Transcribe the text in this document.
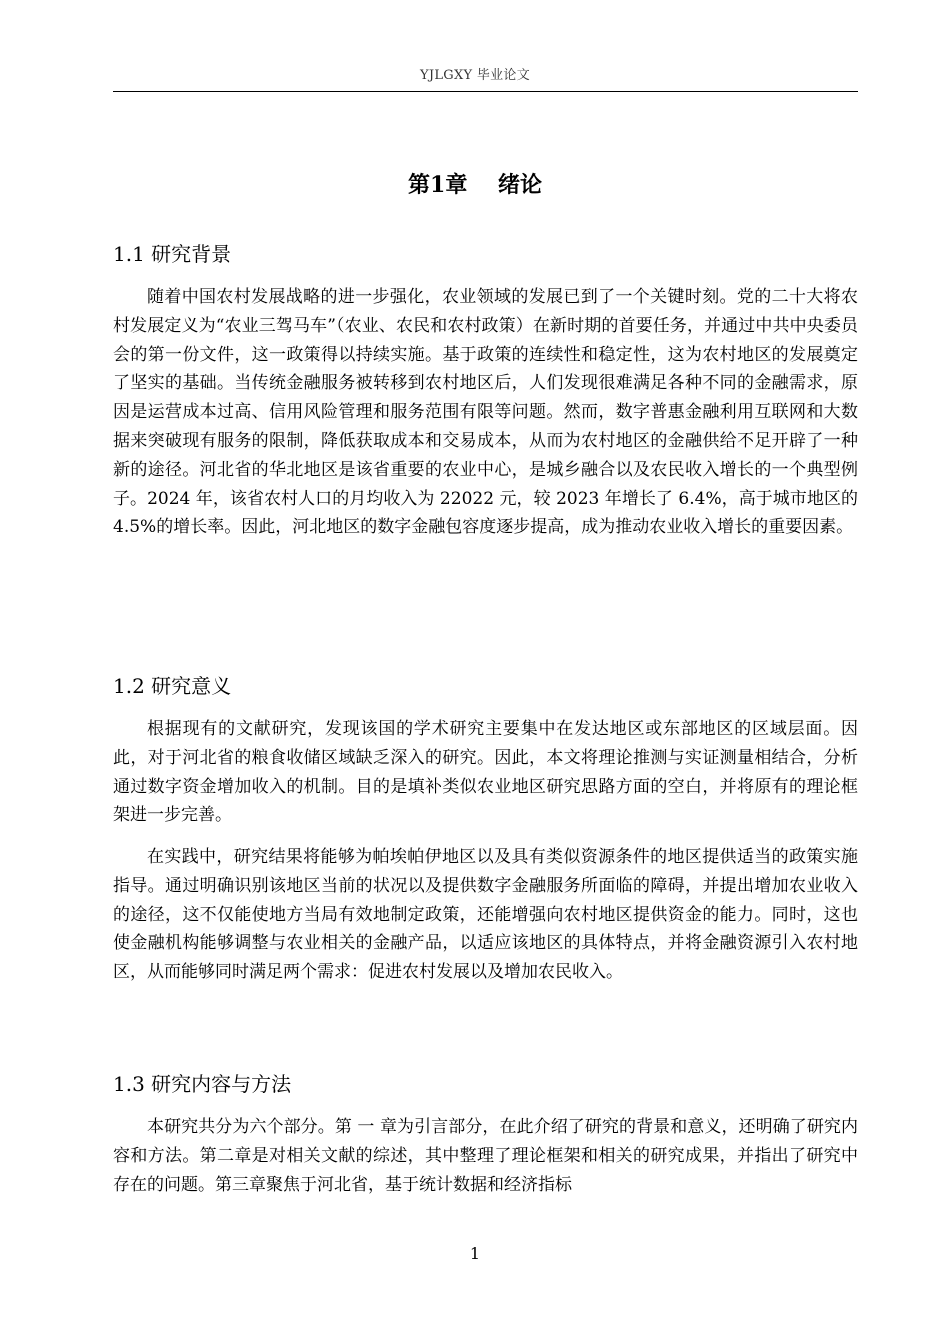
YJLGXY 毕业论文
第1章    绪论
1.1 研究背景

随着中国农村发展战略的进一步强化，农业领域的发展已到了一个关键时刻。党的二十大将农村发展定义为“农业三驾马车”（农业、农民和农村政策）在新时期的首要任务，并通过中共中央委员会的第一份文件，这一政策得以持续实施。基于政策的连续性和稳定性，这为农村地区的发展奠定了坚实的基础。当传统金融服务被转移到农村地区后，人们发现很难满足各种不同的金融需求，原因是运营成本过高、信用风险管理和服务范围有限等问题。然而，数字普惠金融利用互联网和大数据来突破现有服务的限制，降低获取成本和交易成本，从而为农村地区的金融供给不足开辟了一种新的途径。河北省的华北地区是该省重要的农业中心，是城乡融合以及农民收入增长的一个典型例子。2024 年，该省农村人口的月均收入为 22022 元，较 2023 年增长了 6.4%，高于城市地区的 4.5%的增长率。因此，河北地区的数字金融包容度逐步提高，成为推动农业收入增长的重要因素。

1.2 研究意义

根据现有的文献研究，发现该国的学术研究主要集中在发达地区或东部地区的区域层面。因此，对于河北省的粮食收储区域缺乏深入的研究。因此，本文将理论推测与实证测量相结合，分析通过数字资金增加收入的机制。目的是填补类似农业地区研究思路方面的空白，并将原有的理论框架进一步完善。

在实践中，研究结果将能够为帕埃帕伊地区以及具有类似资源条件的地区提供适当的政策实施指导。通过明确识别该地区当前的状况以及提供数字金融服务所面临的障碍，并提出增加农业收入的途径，这不仅能使地方当局有效地制定政策，还能增强向农村地区提供资金的能力。同时，这也使金融机构能够调整与农业相关的金融产品，以适应该地区的具体特点，并将金融资源引入农村地区，从而能够同时满足两个需求：促进农村发展以及增加农民收入。

1.3 研究内容与方法

本研究共分为六个部分。第 一 章为引言部分，在此介绍了研究的背景和意义，还明确了研究内容和方法。第二章是对相关文献的综述，其中整理了理论框架和相关的研究成果，并指出了研究中存在的问题。第三章聚焦于河北省，基于统计数据和经济指标

1
